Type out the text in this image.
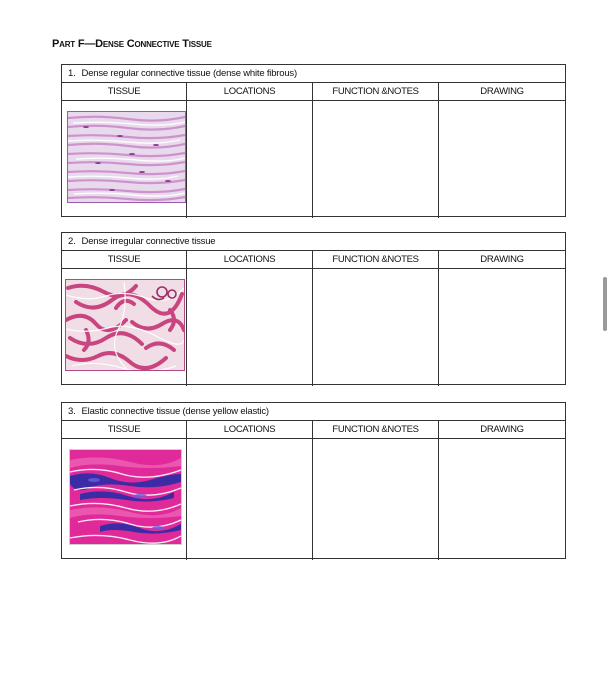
Part F—Dense Connective Tissue
1. Dense regular connective tissue (dense white fibrous)
TISSUE	LOCATIONS	FUNCTION &NOTES	DRAWING
2. Dense irregular connective tissue
TISSUE	LOCATIONS	FUNCTION &NOTES	DRAWING
3. Elastic connective tissue (dense yellow elastic)
TISSUE	LOCATIONS	FUNCTION &NOTES	DRAWING
